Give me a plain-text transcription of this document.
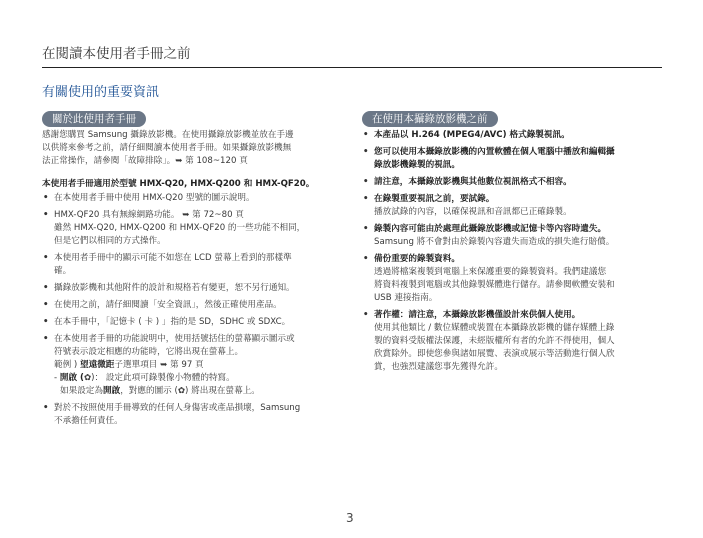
在閱讀本使用者手冊之前
有關使用的重要資訊
關於此使用者手冊

感謝您購買 Samsung 攝錄放影機。在使用攝錄放影機並放在手邊
以供將來參考之前，請仔細閱讀本使用者手冊。如果攝錄放影機無
法正常操作，請參閱「故障排除」。➥ 第 108~120 頁

本使用者手冊適用於型號 HMX-Q20, HMX-Q200 和 HMX-QF20。

• 在本使用者手冊中使用 HMX-Q20 型號的圖示說明。
• HMX-QF20 具有無線網路功能。 ➥ 第 72~80 頁
雖然 HMX-Q20, HMX-Q200 和 HMX-QF20 的一些功能不相同，
但是它們以相同的方式操作。
• 本使用者手冊中的顯示可能不如您在 LCD 螢幕上看到的那樣準
確。
• 攝錄放影機和其他附件的設計和規格若有變更，恕不另行通知。
• 在使用之前，請仔細閱讀「安全資訊」，然後正確使用產品。
• 在本手冊中，「記憶卡 ( 卡 ) 」指的是 SD，SDHC 或 SDXC。
• 在本使用者手冊的功能說明中，使用括號括住的螢幕顯示圖示或
符號表示設定相應的功能時，它將出現在螢幕上。
範例 ) 望遠微距子選單項目 ➥ 第 97 頁
- 開啟 (✿)： 設定此項可錄製像小物體的特寫。
如果設定為開啟，對應的圖示 (✿) 將出現在螢幕上。
• 對於不按照使用手冊導致的任何人身傷害或產品損壞，Samsung
不承擔任何責任。
在使用本攝錄放影機之前
• 本產品以 H.264 (MPEG4/AVC) 格式錄製視訊。
• 您可以使用本攝錄放影機的內置軟體在個人電腦中播放和編輯攝
錄放影機錄製的視訊。
• 請注意，本攝錄放影機與其他數位視訊格式不相容。
• 在錄製重要視訊之前，要試錄。
播放試錄的內容，以確保視訊和音訊都已正確錄製。
• 錄製內容可能由於處理此攝錄放影機或記憶卡等內容時遺失。
Samsung 將不會對由於錄製內容遺失而造成的損失進行賠償。
• 備份重要的錄製資料。
透過將檔案複製到電腦上來保護重要的錄製資料。我們建議您
將資料複製到電腦或其他錄製媒體進行儲存。請參閱軟體安裝和
USB 連接指南。
• 著作權：請注意，本攝錄放影機僅設計來供個人使用。
使用其他類比 / 數位媒體或裝置在本攝錄放影機的儲存媒體上錄
製的資料受版權法保護，未經版權所有者的允許不得使用，個人
欣賞除外。即使您參與諸如展覽、表演或展示等活動進行個人欣
賞，也強烈建議您事先獲得允許。
3
